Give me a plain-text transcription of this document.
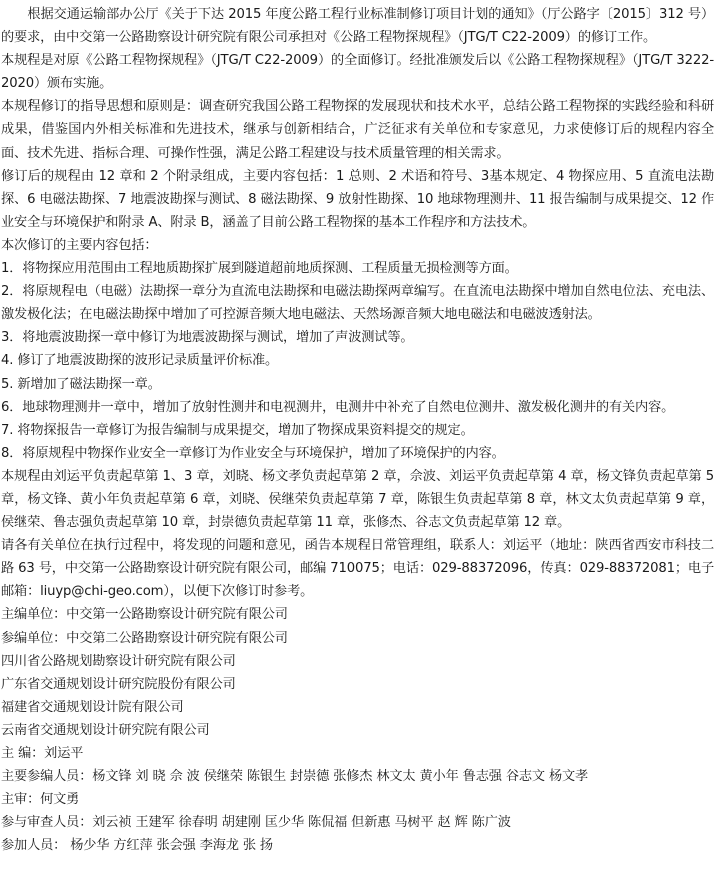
根据交通运输部办公厅《关于下达 2015 年度公路工程行业标准制修订项目计划的通知》（厅公路字〔2015〕312 号）的要求，由中交第一公路勘察设计研究院有限公司承担对《公路工程物探规程》（JTG/T C22-2009）的修订工作。

本规程是对原《公路工程物探规程》（JTG/T C22-2009）的全面修订。经批准颁发后以《公路工程物探规程》（JTG/T 3222-2020）颁布实施。

本规程修订的指导思想和原则是：调查研究我国公路工程物探的发展现状和技术水平，总结公路工程物探的实践经验和科研成果，借鉴国内外相关标准和先进技术，继承与创新相结合，广泛征求有关单位和专家意见，力求使修订后的规程内容全面、技术先进、指标合理、可操作性强，满足公路工程建设与技术质量管理的相关需求。

修订后的规程由 12 章和 2 个附录组成，主要内容包括：1 总则、2 术语和符号、3基本规定、4 物探应用、5 直流电法勘探、6 电磁法勘探、7 地震波勘探与测试、8 磁法勘探、9 放射性勘探、10 地球物理测井、11 报告编制与成果提交、12 作业安全与环境保护和附录 A、附录 B，涵盖了目前公路工程物探的基本工作程序和方法技术。

本次修订的主要内容包括：

1．将物探应用范围由工程地质勘探扩展到隧道超前地质探测、工程质量无损检测等方面。

2．将原规程电（电磁）法勘探一章分为直流电法勘探和电磁法勘探两章编写。在直流电法勘探中增加自然电位法、充电法、激发极化法；在电磁法勘探中增加了可控源音频大地电磁法、天然场源音频大地电磁法和电磁波透射法。

3．将地震波勘探一章中修订为地震波勘探与测试，增加了声波测试等。

4. 修订了地震波勘探的波形记录质量评价标准。

5. 新增加了磁法勘探一章。

6．地球物理测井一章中，增加了放射性测井和电视测井，电测井中补充了自然电位测井、激发极化测井的有关内容。

7. 将物探报告一章修订为报告编制与成果提交，增加了物探成果资料提交的规定。

8．将原规程中物探作业安全一章修订为作业安全与环境保护，增加了环境保护的内容。

本规程由刘运平负责起草第 1、3 章，刘晓、杨文孝负责起草第 2 章，佘波、刘运平负责起草第 4 章，杨文锋负责起草第 5 章，杨文锋、黄小年负责起草第 6 章，刘晓、侯继荣负责起草第 7 章，陈银生负责起草第 8 章，林文太负责起草第 9 章，侯继荣、鲁志强负责起草第 10 章，封崇德负责起草第 11 章，张修杰、谷志文负责起草第 12 章。

请各有关单位在执行过程中，将发现的问题和意见，函告本规程日常管理组，联系人：刘运平（地址：陕西省西安市科技二路 63 号，中交第一公路勘察设计研究院有限公司，邮编 710075；电话：029-88372096，传真：029-88372081；电子邮箱：liuyp@chi-geo.com），以便下次修订时参考。

主编单位：中交第一公路勘察设计研究院有限公司

参编单位：中交第二公路勘察设计研究院有限公司

四川省公路规划勘察设计研究院有限公司

广东省交通规划设计研究院股份有限公司

福建省交通规划设计院有限公司

云南省交通规划设计研究院有限公司

主 编：刘运平

主要参编人员：杨文锋 刘 晓 佘 波 侯继荣 陈银生 封崇德 张修杰 林文太 黄小年 鲁志强 谷志文 杨文孝

主审：何文勇

参与审查人员：刘云祯 王建军 徐春明 胡建刚 匡少华 陈侃福 但新惠 马树平 赵 辉 陈广波

参加人员： 杨少华 方红萍 张会强 李海龙 张 扬
